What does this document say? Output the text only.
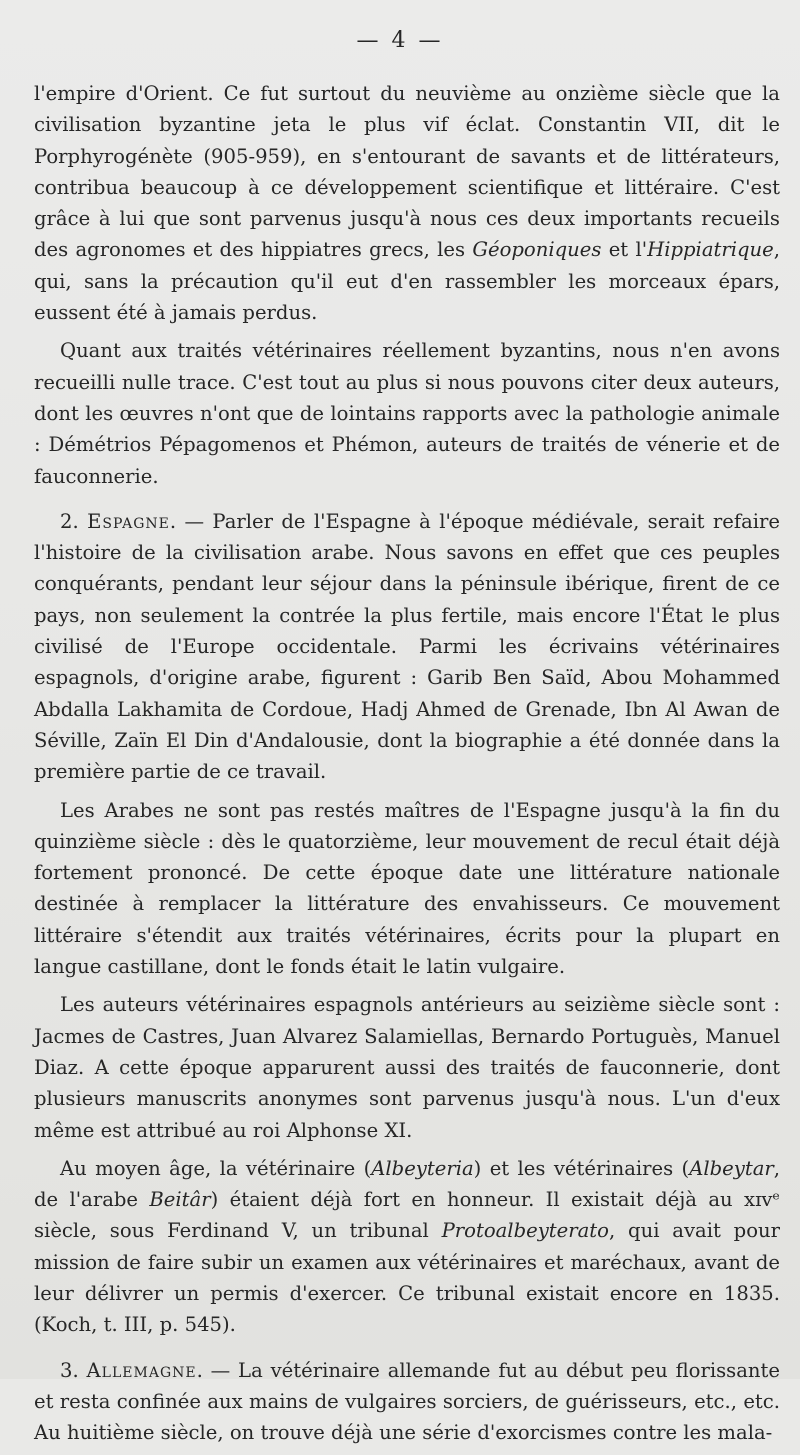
— 4 —

l'empire d'Orient. Ce fut surtout du neuvième au onzième siècle que la civilisation byzantine jeta le plus vif éclat. Constantin VII, dit le Porphyrogénète (905-959), en s'entourant de savants et de littérateurs, contribua beaucoup à ce développement scientifique et littéraire. C'est grâce à lui que sont parvenus jusqu'à nous ces deux importants recueils des agronomes et des hippiatres grecs, les Géoponiques et l'Hippiatrique, qui, sans la précaution qu'il eut d'en rassembler les morceaux épars, eussent été à jamais perdus.

Quant aux traités vétérinaires réellement byzantins, nous n'en avons recueilli nulle trace. C'est tout au plus si nous pouvons citer deux auteurs, dont les œuvres n'ont que de lointains rapports avec la pathologie animale : Démétrios Pépagomenos et Phémon, auteurs de traités de vénerie et de fauconnerie.

2. Espagne. — Parler de l'Espagne à l'époque médiévale, serait refaire l'histoire de la civilisation arabe. Nous savons en effet que ces peuples conquérants, pendant leur séjour dans la péninsule ibérique, firent de ce pays, non seulement la contrée la plus fertile, mais encore l'État le plus civilisé de l'Europe occidentale. Parmi les écrivains vétérinaires espagnols, d'origine arabe, figurent : Garib Ben Saïd, Abou Mohammed Abdalla Lakhamita de Cordoue, Hadj Ahmed de Grenade, Ibn Al Awan de Séville, Zaïn El Din d'Andalousie, dont la biographie a été donnée dans la première partie de ce travail.

Les Arabes ne sont pas restés maîtres de l'Espagne jusqu'à la fin du quinzième siècle : dès le quatorzième, leur mouvement de recul était déjà fortement prononcé. De cette époque date une littérature nationale destinée à remplacer la littérature des envahisseurs. Ce mouvement littéraire s'étendit aux traités vétérinaires, écrits pour la plupart en langue castillane, dont le fonds était le latin vulgaire.

Les auteurs vétérinaires espagnols antérieurs au seizième siècle sont : Jacmes de Castres, Juan Alvarez Salamiellas, Bernardo Portuguès, Manuel Diaz. A cette époque apparurent aussi des traités de fauconnerie, dont plusieurs manuscrits anonymes sont parvenus jusqu'à nous. L'un d'eux même est attribué au roi Alphonse XI.

Au moyen âge, la vétérinaire (Albeyteria) et les vétérinaires (Albeytar, de l'arabe Beitâr) étaient déjà fort en honneur. Il existait déjà au xɪᴠᵉ siècle, sous Ferdinand V, un tribunal Protoalbeyterato, qui avait pour mission de faire subir un examen aux vétérinaires et maréchaux, avant de leur délivrer un permis d'exercer. Ce tribunal existait encore en 1835. (Koch, t. III, p. 545).

3. Allemagne. — La vétérinaire allemande fut au début peu florissante et resta confinée aux mains de vulgaires sorciers, de guérisseurs, etc., etc. Au huitième siècle, on trouve déjà une série d'exorcismes contre les mala-
